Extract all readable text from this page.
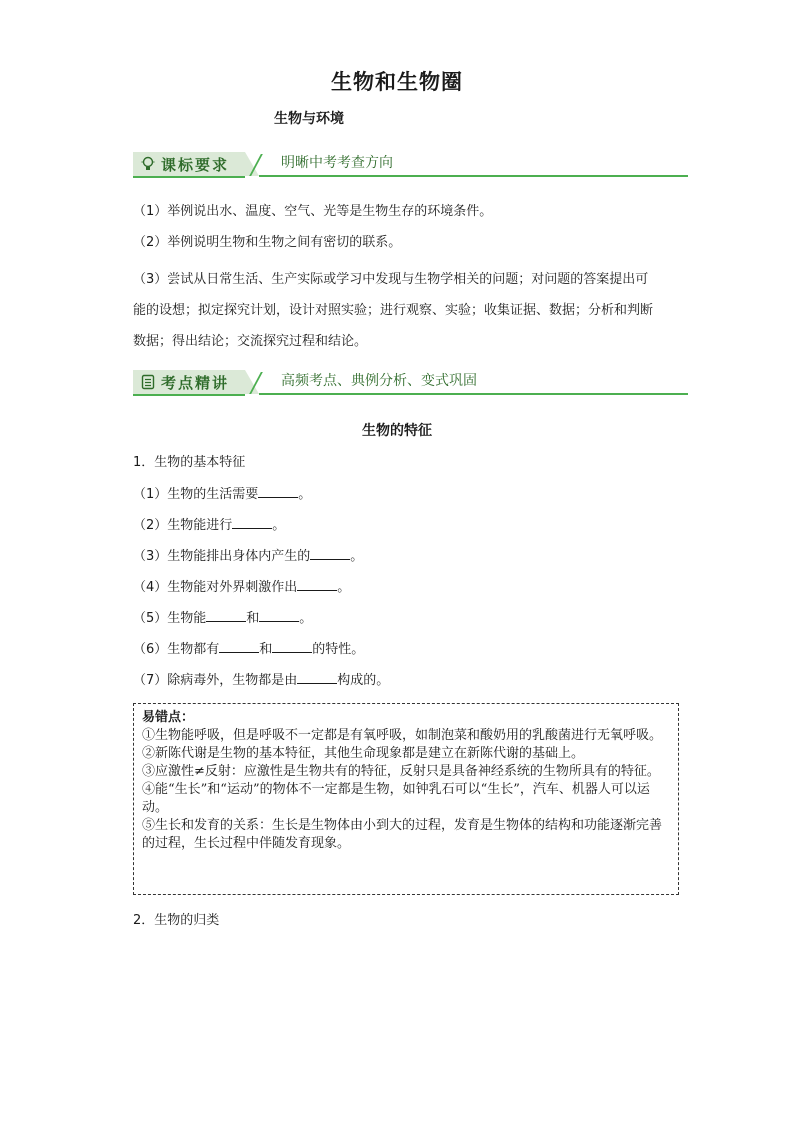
生物和生物圈
生物与环境
课标要求	明晰中考考查方向
（1）举例说出水、温度、空气、光等是生物生存的环境条件。
（2）举例说明生物和生物之间有密切的联系。
（3）尝试从日常生活、生产实际或学习中发现与生物学相关的问题；对问题的答案提出可能的设想；拟定探究计划，设计对照实验；进行观察、实验；收集证据、数据；分析和判断数据；得出结论；交流探究过程和结论。
考点精讲	高频考点、典例分析、变式巩固
生物的特征
1．生物的基本特征
（1）生物的生活需要	。
（2）生物能进行	。
（3）生物能排出身体内产生的	。
（4）生物能对外界刺激作出	。
（5）生物能	和	。
（6）生物都有	和	的特性。
（7）除病毒外，生物都是由	构成的。
易错点：
①生物能呼吸，但是呼吸不一定都是有氧呼吸，如制泡菜和酸奶用的乳酸菌进行无氧呼吸。
②新陈代谢是生物的基本特征，其他生命现象都是建立在新陈代谢的基础上。
③应激性≠反射：应激性是生物共有的特征，反射只是具备神经系统的生物所具有的特征。
④能“生长”和“运动”的物体不一定都是生物，如钟乳石可以“生长”，汽车、机器人可以运动。
⑤生长和发育的关系：生长是生物体由小到大的过程，发育是生物体的结构和功能逐渐完善的过程，生长过程中伴随发育现象。
2．生物的归类
